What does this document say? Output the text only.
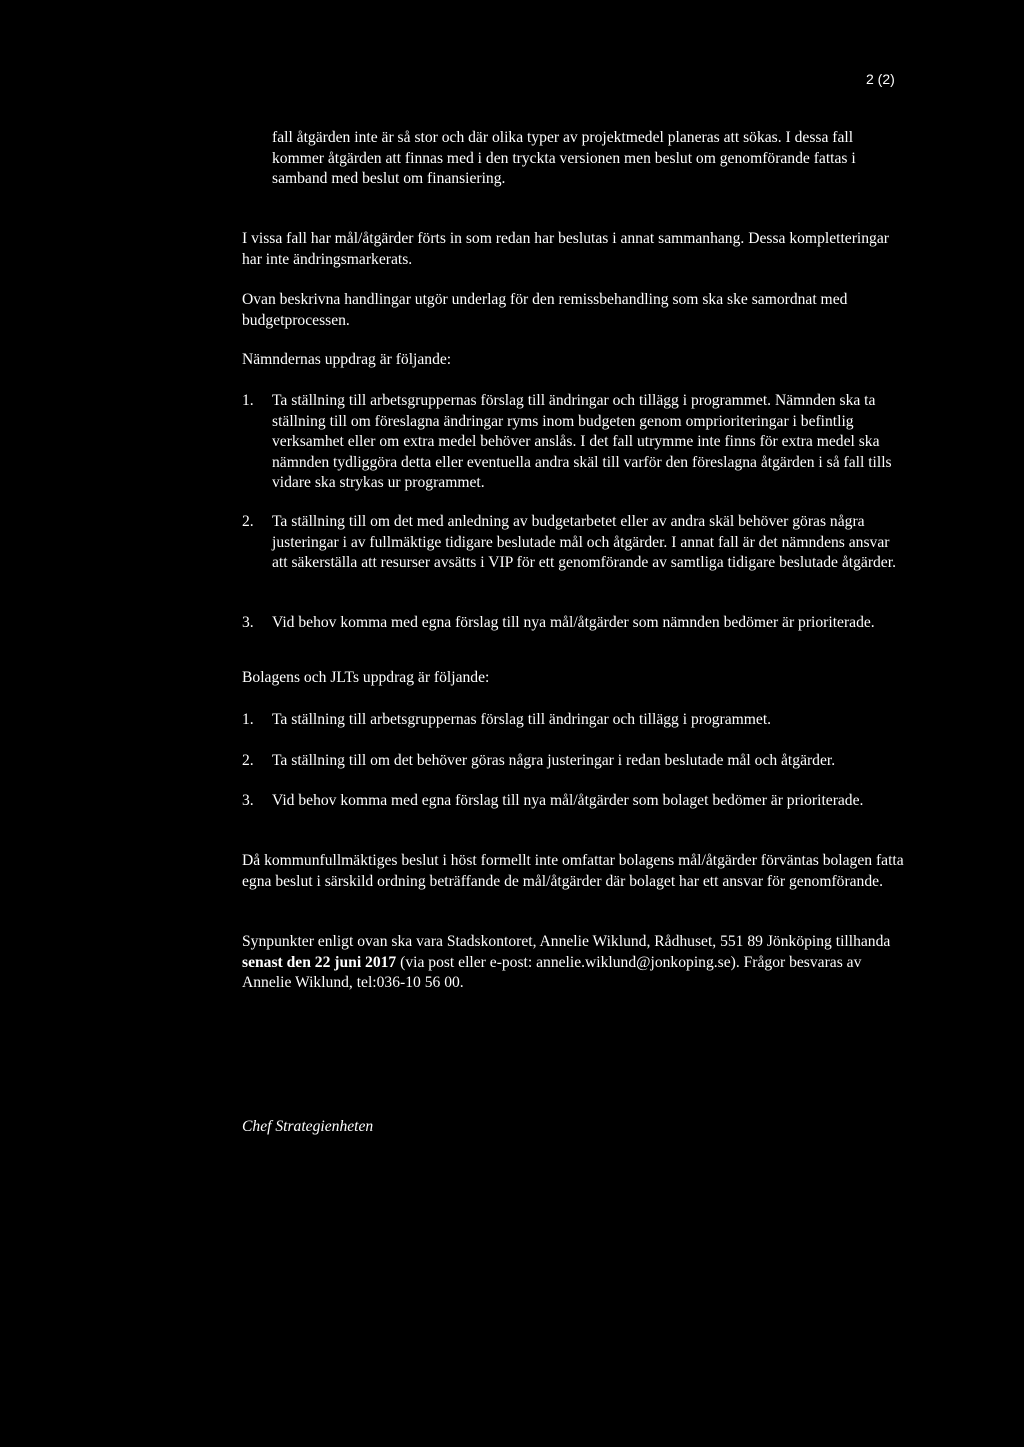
2 (2)

fall åtgärden inte är så stor och där olika typer av projektmedel planeras att sökas. I dessa fall kommer åtgärden att finnas med i den tryckta versionen men beslut om genomförande fattas i samband med beslut om finansiering.

I vissa fall har mål/åtgärder förts in som redan har beslutas i annat sammanhang. Dessa kompletteringar har inte ändringsmarkerats.

Ovan beskrivna handlingar utgör underlag för den remissbehandling som ska ske samordnat med budgetprocessen.

Nämndernas uppdrag är följande:

1. Ta ställning till arbetsgruppernas förslag till ändringar och tillägg i programmet. Nämnden ska ta ställning till om föreslagna ändringar ryms inom budgeten genom omprioriteringar i befintlig verksamhet eller om extra medel behöver anslås. I det fall utrymme inte finns för extra medel ska nämnden tydliggöra detta eller eventuella andra skäl till varför den föreslagna åtgärden i så fall tills vidare ska strykas ur programmet.
2. Ta ställning till om det med anledning av budgetarbetet eller av andra skäl behöver göras några justeringar i av fullmäktige tidigare beslutade mål och åtgärder. I annat fall är det nämndens ansvar att säkerställa att resurser avsätts i VIP för ett genomförande av samtliga tidigare beslutade åtgärder.
3. Vid behov komma med egna förslag till nya mål/åtgärder som nämnden bedömer är prioriterade.

Bolagens och JLTs uppdrag är följande:

1. Ta ställning till arbetsgruppernas förslag till ändringar och tillägg i programmet.
2. Ta ställning till om det behöver göras några justeringar i redan beslutade mål och åtgärder.
3. Vid behov komma med egna förslag till nya mål/åtgärder som bolaget bedömer är prioriterade.

Då kommunfullmäktiges beslut i höst formellt inte omfattar bolagens mål/åtgärder förväntas bolagen fatta egna beslut i särskild ordning beträffande de mål/åtgärder där bolaget har ett ansvar för genomförande.

Synpunkter enligt ovan ska vara Stadskontoret, Annelie Wiklund, Rådhuset, 551 89 Jönköping tillhanda senast den 22 juni 2017 (via post eller e-post: annelie.wiklund@jonkoping.se). Frågor besvaras av Annelie Wiklund, tel:036-10 56 00.

Chef Strategienheten
